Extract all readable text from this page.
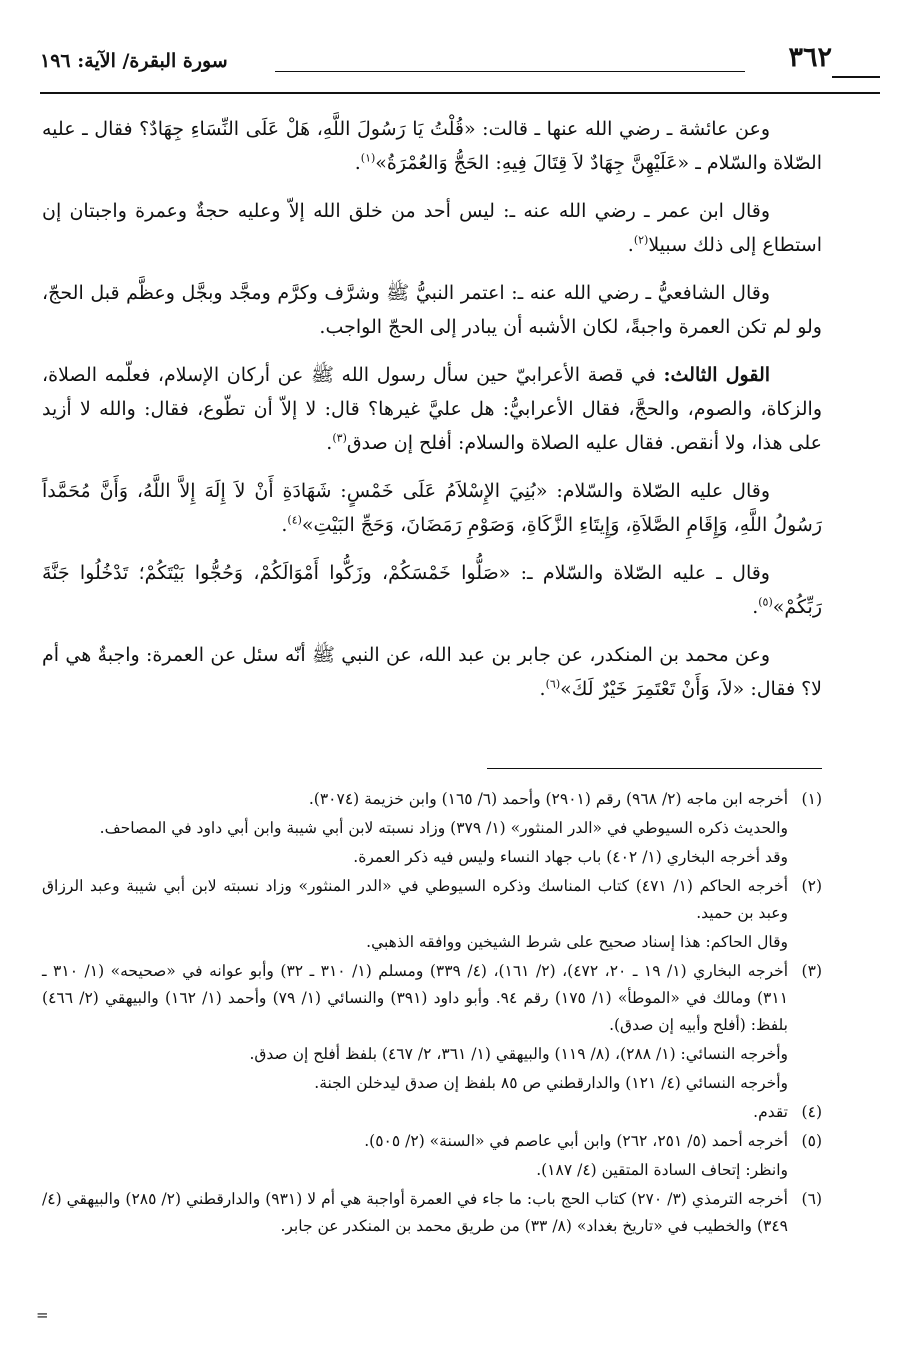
٣٦٢
سورة البقرة/ الآية: ١٩٦

وعن عائشة ـ رضي الله عنها ـ قالت: «قُلْتُ يَا رَسُولَ اللَّهِ، هَلْ عَلَى النِّسَاءِ جِهَادٌ؟ فقال ـ عليه الصّلاة والسّلام ـ «عَلَيْهِنَّ جِهَادٌ لاَ قِتَالَ فِيهِ: الحَجُّ وَالعُمْرَةُ»$^{(١)}$.

وقال ابن عمر ـ رضي الله عنه ـ: ليس أحد من خلق الله إلاّ وعليه حجةٌ وعمرة واجبتان إن استطاع إلى ذلك سبيلا$^{(٢)}$.

وقال الشافعيُّ ـ رضي الله عنه ـ: اعتمر النبيُّ ﷺ وشرَّف وكرَّم ومجَّد وبجَّل وعظَّم قبل الحجّ، ولو لم تكن العمرة واجبةً، لكان الأشبه أن يبادر إلى الحجّ الواجب.

القول الثالث: في قصة الأعرابيّ حين سأل رسول الله ﷺ عن أركان الإسلام، فعلّمه الصلاة، والزكاة، والصوم، والحجَّ، فقال الأعرابيُّ: هل عليَّ غيرها؟ قال: لا إلاّ أن تطّوع، فقال: والله لا أزيد على هذا، ولا أنقص. فقال عليه الصلاة والسلام: أفلح إن صدق$^{(٣)}$.

وقال عليه الصّلاة والسّلام: «بُنِيَ الإِسْلاَمُ عَلَى خَمْسٍ: شَهَادَةِ أَنْ لاَ إِلَهَ إِلاَّ اللَّهُ، وَأَنَّ مُحَمَّداً رَسُولُ اللَّهِ، وَإِقَامِ الصَّلاَةِ، وَإِيتَاءِ الزَّكَاةِ، وَصَوْمِ رَمَضَانَ، وَحَجِّ البَيْتِ»$^{(٤)}$.

وقال ـ عليه الصّلاة والسّلام ـ: «صَلُّوا خَمْسَكُمْ، وزَكُّوا أَمْوَالَكُمْ، وَحُجُّوا بَيْتَكُمْ؛ تَدْخُلُوا جَنَّةَ رَبِّكُمْ»$^{(٥)}$.

وعن محمد بن المنكدر، عن جابر بن عبد الله، عن النبي ﷺ أنّه سئل عن العمرة: واجبةٌ هي أم لا؟ فقال: «لاَ، وَأَنْ تَعْتَمِرَ خَيْرٌ لَكَ»$^{(٦)}$.

(١)
أخرجه ابن ماجه (٢/ ٩٦٨) رقم (٢٩٠١) وأحمد (٦/ ١٦٥) وابن خزيمة (٣٠٧٤).
والحديث ذكره السيوطي في «الدر المنثور» (١/ ٣٧٩) وزاد نسبته لابن أبي شيبة وابن أبي داود في المصاحف.
وقد أخرجه البخاري (١/ ٤٠٢) باب جهاد النساء وليس فيه ذكر العمرة.
(٢)
أخرجه الحاكم (١/ ٤٧١) كتاب المناسك وذكره السيوطي في «الدر المنثور» وزاد نسبته لابن أبي شيبة وعبد الرزاق وعبد بن حميد.
وقال الحاكم: هذا إسناد صحيح على شرط الشيخين ووافقه الذهبي.
(٣)
أخرجه البخاري (١/ ١٩ ـ ٢٠، ٤٧٢)، (٢/ ١٦١)، (٤/ ٣٣٩) ومسلم (١/ ٣١٠ ـ ٣٢) وأبو عوانه في «صحيحه» (١/ ٣١٠ ـ ٣١١) ومالك في «الموطأ» (١/ ١٧٥) رقم ٩٤. وأبو داود (٣٩١) والنسائي (١/ ٧٩) وأحمد (١/ ١٦٢) والبيهقي (٢/ ٤٦٦) بلفظ: (أفلح وأبيه إن صدق).
وأخرجه النسائي: (١/ ٢٨٨)، (٨/ ١١٩) والبيهقي (١/ ٣٦١، ٢/ ٤٦٧) بلفظ أفلح إن صدق.
وأخرجه النسائي (٤/ ١٢١) والدارقطني ص ٨٥ بلفظ إن صدق ليدخلن الجنة.
(٤)
تقدم.
(٥)
أخرجه أحمد (٥/ ٢٥١، ٢٦٢) وابن أبي عاصم في «السنة» (٢/ ٥٠٥).
وانظر: إتحاف السادة المتقين (٤/ ١٨٧).
(٦)
أخرجه الترمذي (٣/ ٢٧٠) كتاب الحج باب: ما جاء في العمرة أواجبة هي أم لا (٩٣١) والدارقطني (٢/ ٢٨٥) والبيهقي (٤/ ٣٤٩) والخطيب في «تاريخ بغداد» (٨/ ٣٣) من طريق محمد بن المنكدر عن جابر.
=
